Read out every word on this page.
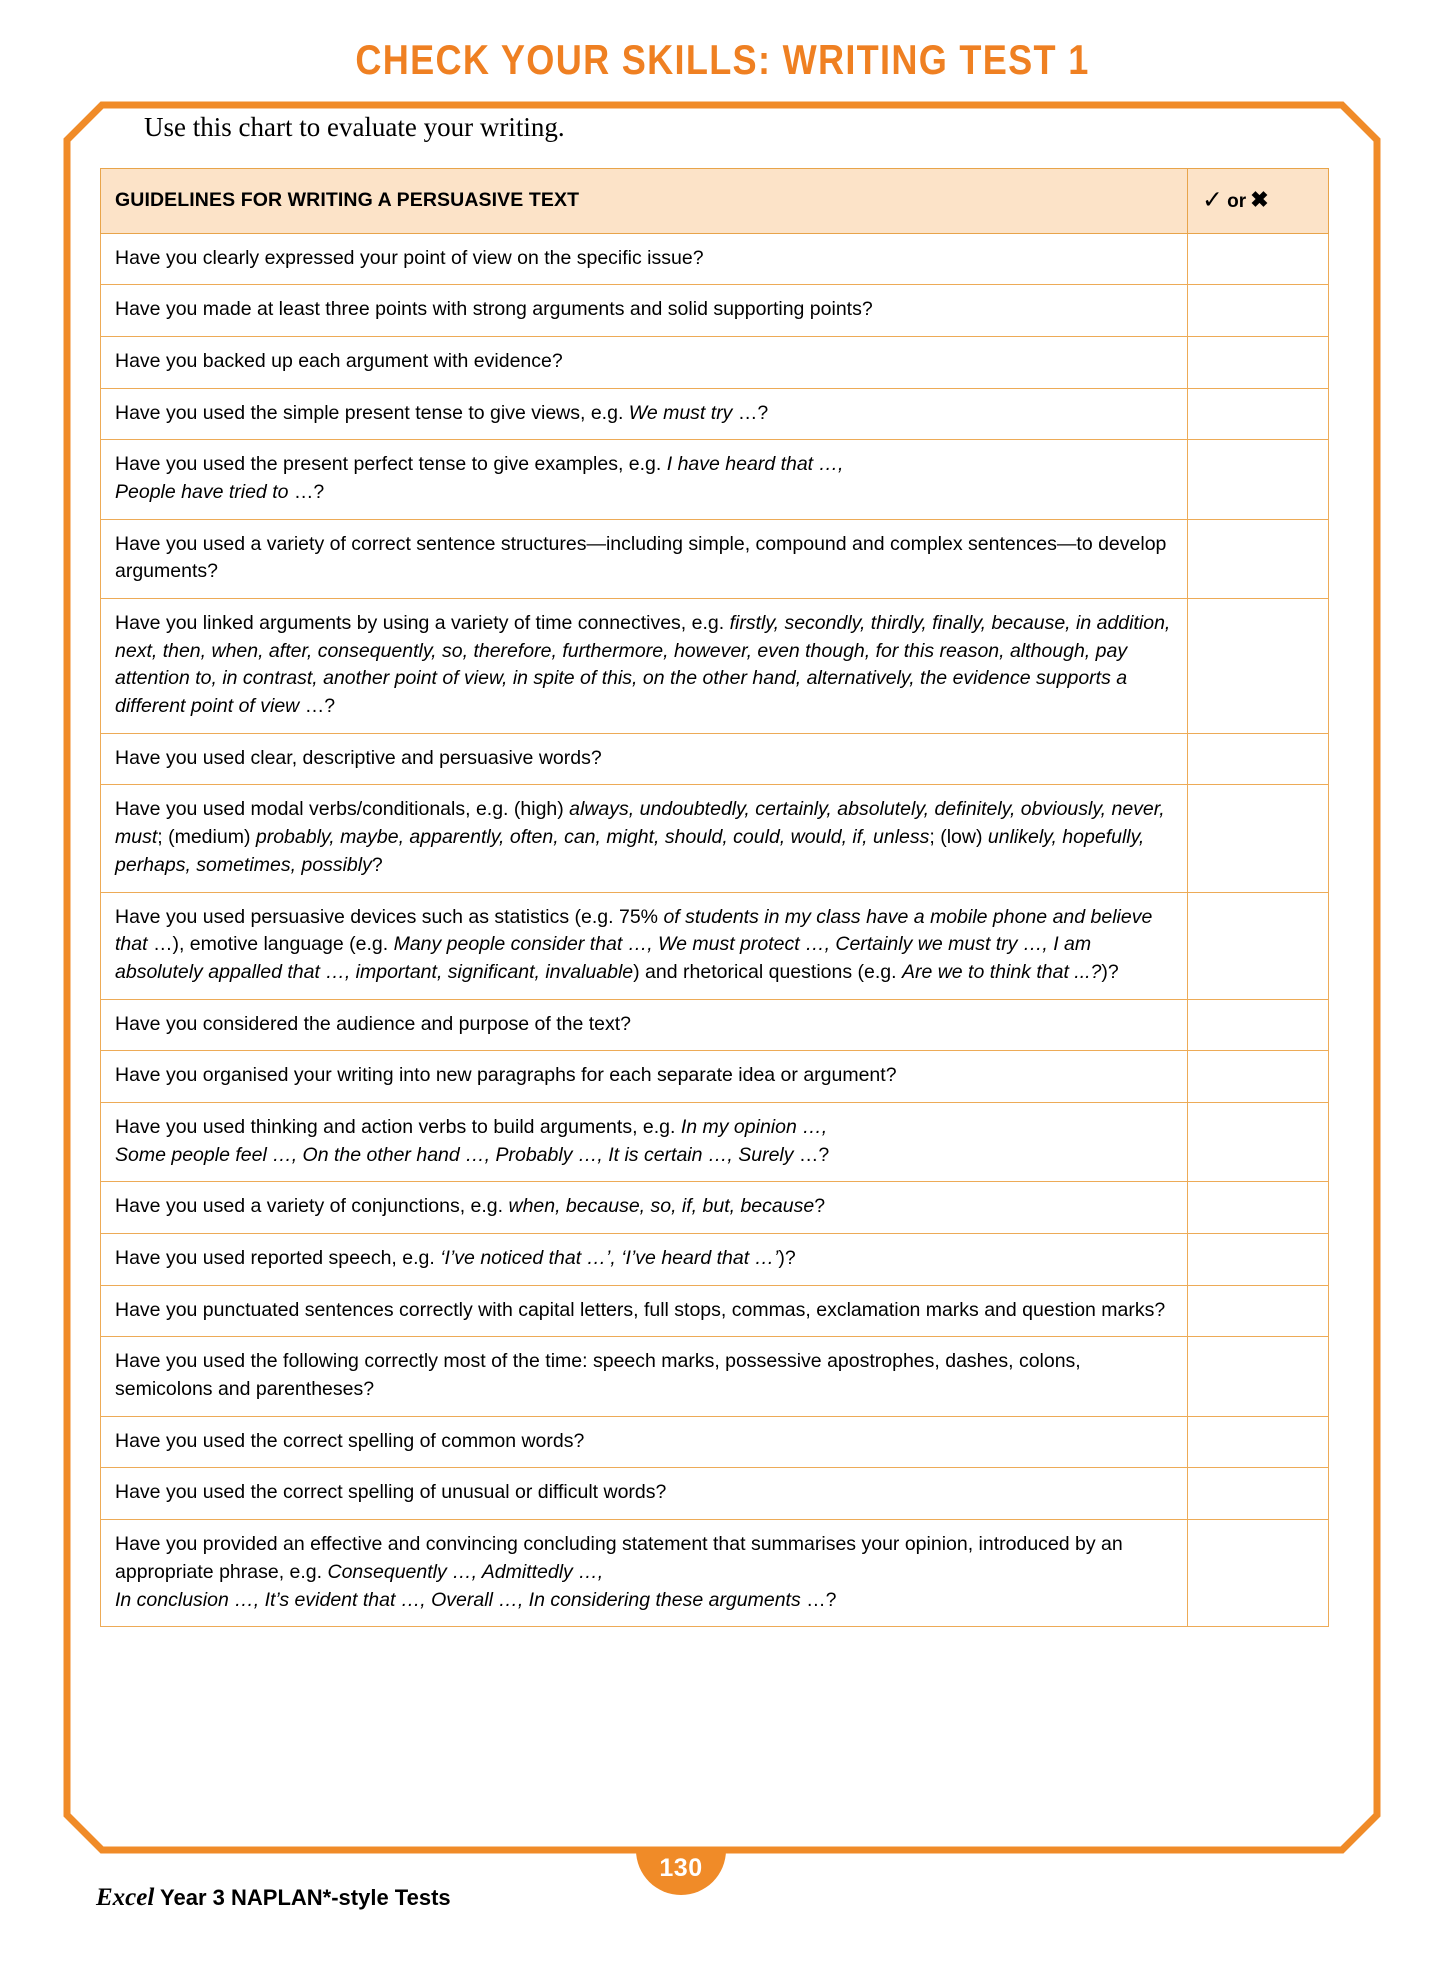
CHECK YOUR SKILLS: WRITING TEST 1
Use this chart to evaluate your writing.
GUIDELINES FOR WRITING A PERSUASIVE TEXT	✓ or ✖
Have you clearly expressed your point of view on the specific issue?	
Have you made at least three points with strong arguments and solid supporting points?	
Have you backed up each argument with evidence?	
Have you used the simple present tense to give views, e.g. We must try …?	
Have you used the present perfect tense to give examples, e.g. I have heard that …,
People have tried to …?	
Have you used a variety of correct sentence structures—including simple, compound and complex sentences—to develop arguments?	
Have you linked arguments by using a variety of time connectives, e.g. firstly, secondly, thirdly, finally, because, in addition, next, then, when, after, consequently, so, therefore, furthermore, however, even though, for this reason, although, pay attention to, in contrast, another point of view, in spite of this, on the other hand, alternatively, the evidence supports a different point of view …?	
Have you used clear, descriptive and persuasive words?	
Have you used modal verbs/conditionals, e.g. (high) always, undoubtedly, certainly, absolutely, definitely, obviously, never, must; (medium) probably, maybe, apparently, often, can, might, should, could, would, if, unless; (low) unlikely, hopefully, perhaps, sometimes, possibly?	
Have you used persuasive devices such as statistics (e.g. 75% of students in my class have a mobile phone and believe that …), emotive language (e.g. Many people consider that …, We must protect …, Certainly we must try …, I am absolutely appalled that …, important, significant, invaluable) and rhetorical questions (e.g. Are we to think that ...?)?	
Have you considered the audience and purpose of the text?	
Have you organised your writing into new paragraphs for each separate idea or argument?	
Have you used thinking and action verbs to build arguments, e.g. In my opinion …,
Some people feel …, On the other hand …, Probably …, It is certain …, Surely …?	
Have you used a variety of conjunctions, e.g. when, because, so, if, but, because?	
Have you used reported speech, e.g. ‘I’ve noticed that …’, ‘I’ve heard that …’)?	
Have you punctuated sentences correctly with capital letters, full stops, commas, exclamation marks and question marks?	
Have you used the following correctly most of the time: speech marks, possessive apostrophes, dashes, colons, semicolons and parentheses?	
Have you used the correct spelling of common words?	
Have you used the correct spelling of unusual or difficult words?	
Have you provided an effective and convincing concluding statement that summarises your opinion, introduced by an appropriate phrase, e.g. Consequently …, Admittedly …,
In conclusion …, It’s evident that …, Overall …, In considering these arguments …?	
Excel Year 3 NAPLAN*-style Tests
130
